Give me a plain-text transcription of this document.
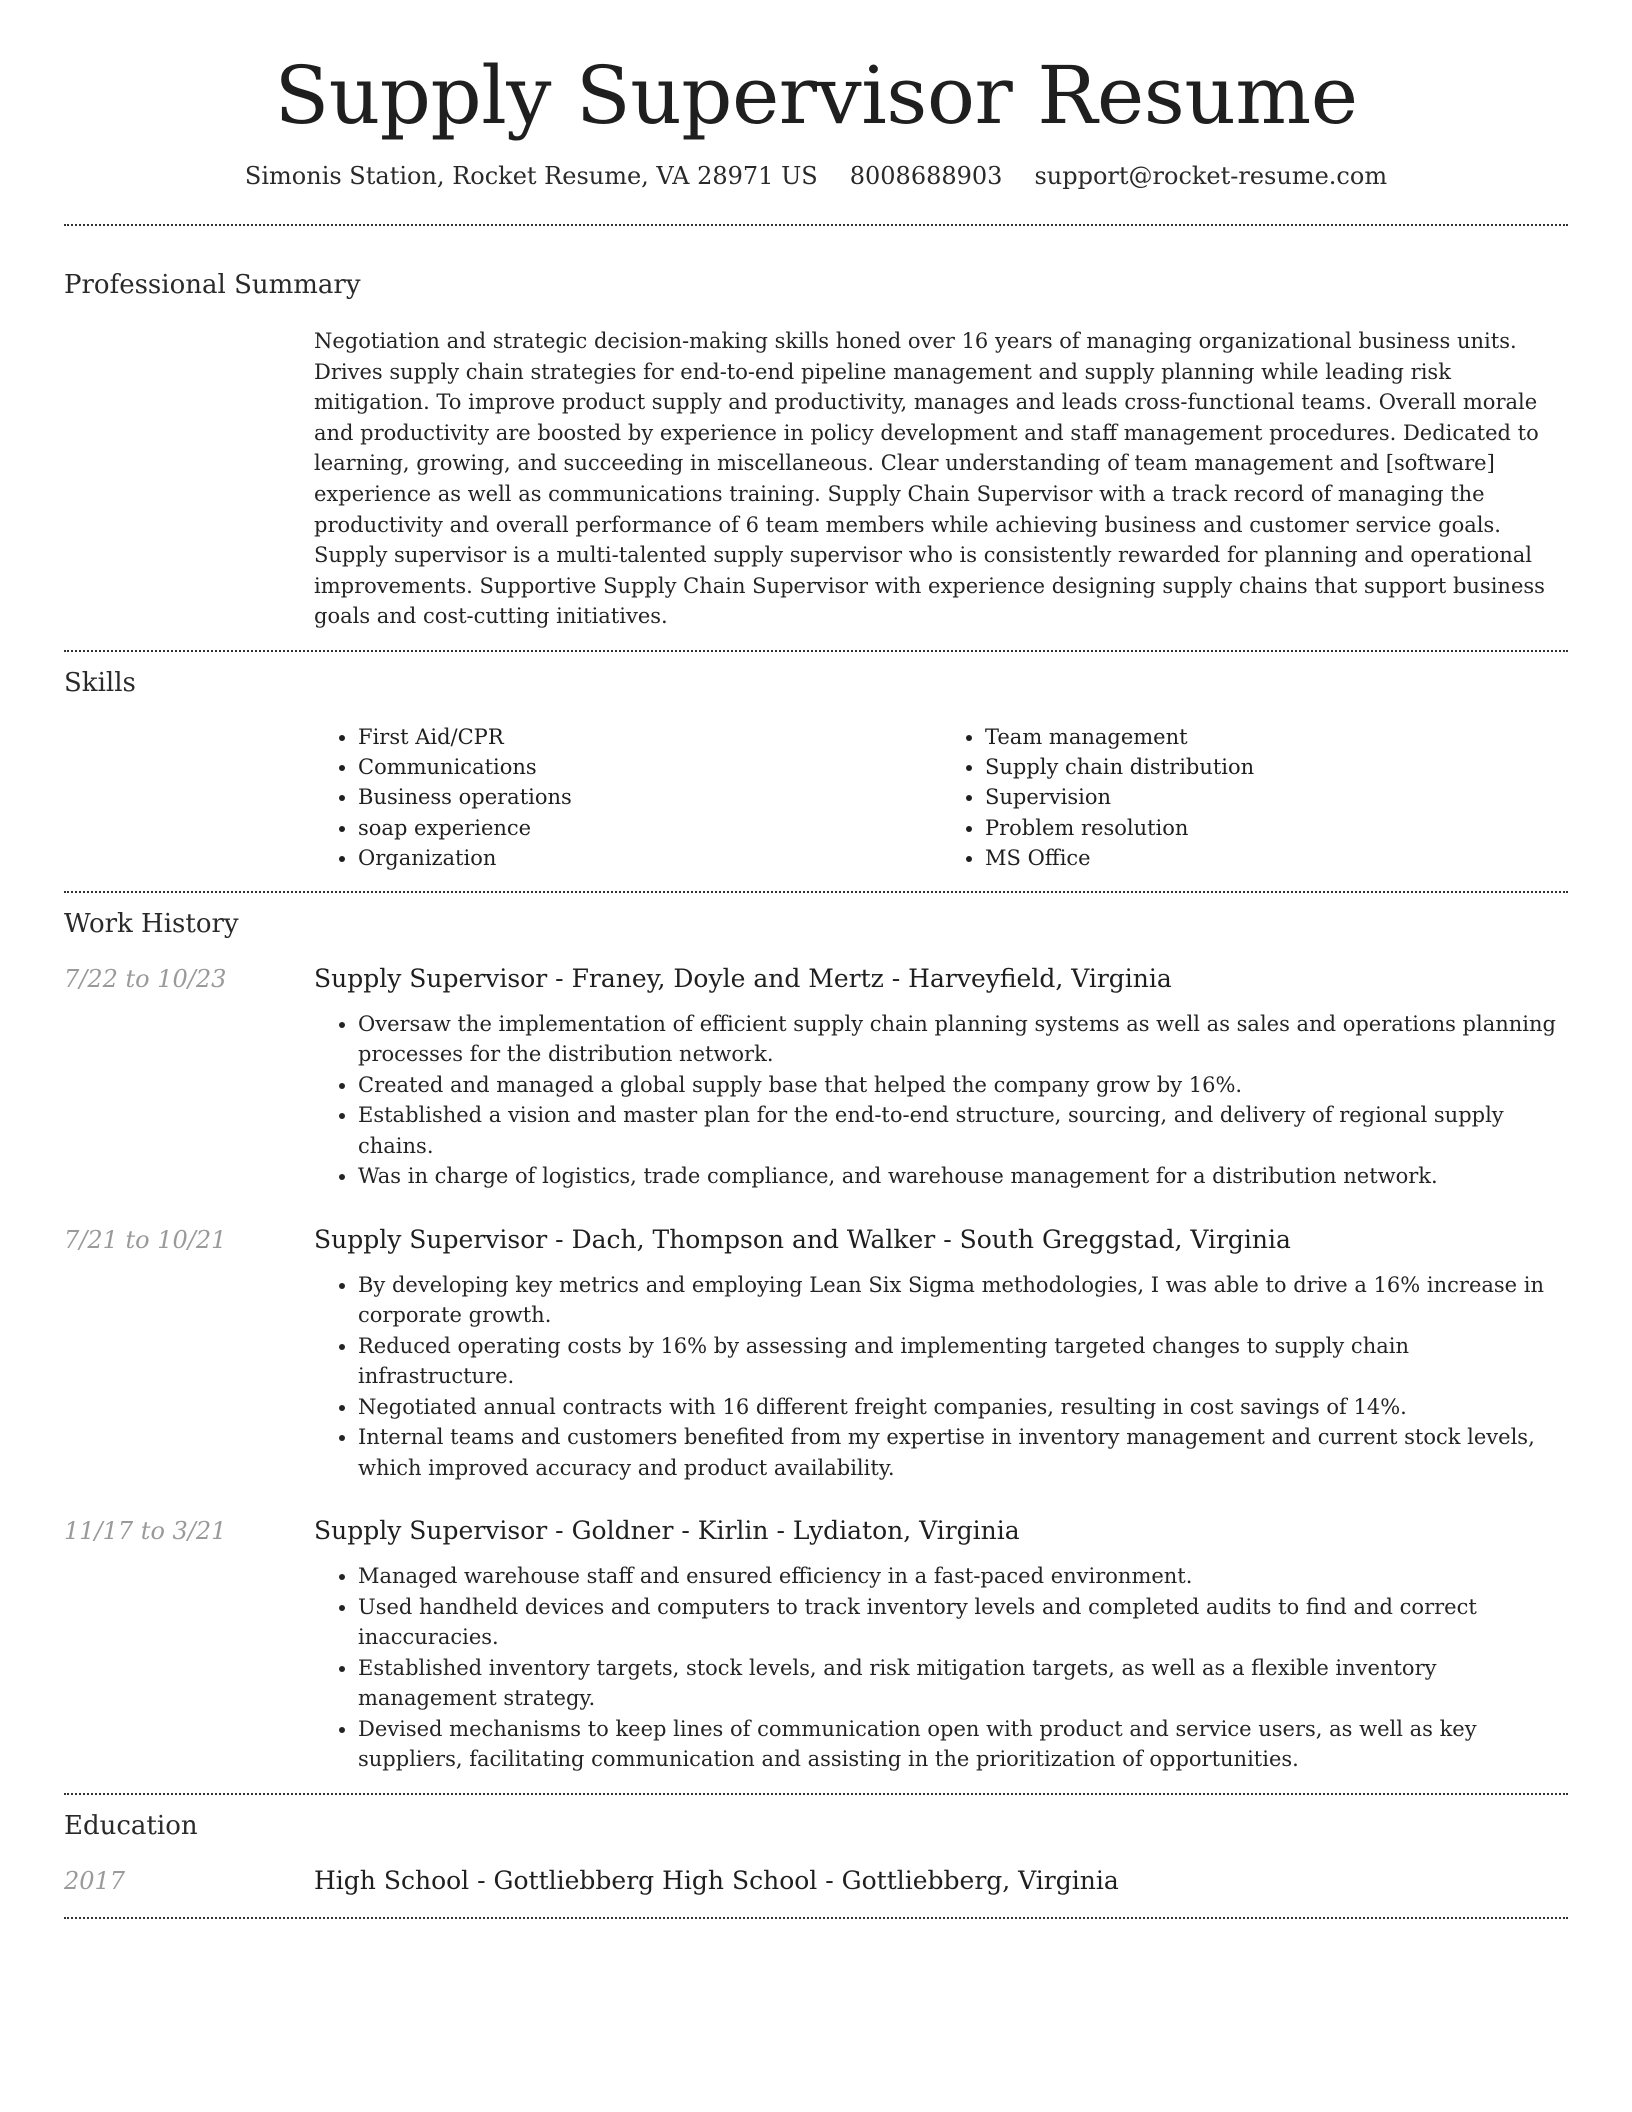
Supply Supervisor Resume
Simonis Station, Rocket Resume, VA 28971 US 8008688903 support@rocket-resume.com
Professional Summary

Negotiation and strategic decision-making skills honed over 16 years of managing organizational business units. Drives supply chain strategies for end-to-end pipeline management and supply planning while leading risk mitigation. To improve product supply and productivity, manages and leads cross-functional teams. Overall morale and productivity are boosted by experience in policy development and staff management procedures. Dedicated to learning, growing, and succeeding in miscellaneous. Clear understanding of team management and [software] experience as well as communications training. Supply Chain Supervisor with a track record of managing the productivity and overall performance of 6 team members while achieving business and customer service goals. Supply supervisor is a multi-talented supply supervisor who is consistently rewarded for planning and operational improvements. Supportive Supply Chain Supervisor with experience designing supply chains that support business goals and cost-cutting initiatives.

Skills
• First Aid/CPR
• Communications
• Business operations
• soap experience
• Organization
• Team management
• Supply chain distribution
• Supervision
• Problem resolution
• MS Office
Work History
7/22 to 10/23	Supply Supervisor - Franey, Doyle and Mertz - Harveyfield, Virginia
• Oversaw the implementation of efficient supply chain planning systems as well as sales and operations planning processes for the distribution network.
• Created and managed a global supply base that helped the company grow by 16%.
• Established a vision and master plan for the end-to-end structure, sourcing, and delivery of regional supply chains.
• Was in charge of logistics, trade compliance, and warehouse management for a distribution network.
7/21 to 10/21	Supply Supervisor - Dach, Thompson and Walker - South Greggstad, Virginia
• By developing key metrics and employing Lean Six Sigma methodologies, I was able to drive a 16% increase in corporate growth.
• Reduced operating costs by 16% by assessing and implementing targeted changes to supply chain infrastructure.
• Negotiated annual contracts with 16 different freight companies, resulting in cost savings of 14%.
• Internal teams and customers benefited from my expertise in inventory management and current stock levels, which improved accuracy and product availability.
11/17 to 3/21	Supply Supervisor - Goldner - Kirlin - Lydiaton, Virginia
• Managed warehouse staff and ensured efficiency in a fast-paced environment.
• Used handheld devices and computers to track inventory levels and completed audits to find and correct inaccuracies.
• Established inventory targets, stock levels, and risk mitigation targets, as well as a flexible inventory management strategy.
• Devised mechanisms to keep lines of communication open with product and service users, as well as key suppliers, facilitating communication and assisting in the prioritization of opportunities.
Education
2017	High School - Gottliebberg High School - Gottliebberg, Virginia
